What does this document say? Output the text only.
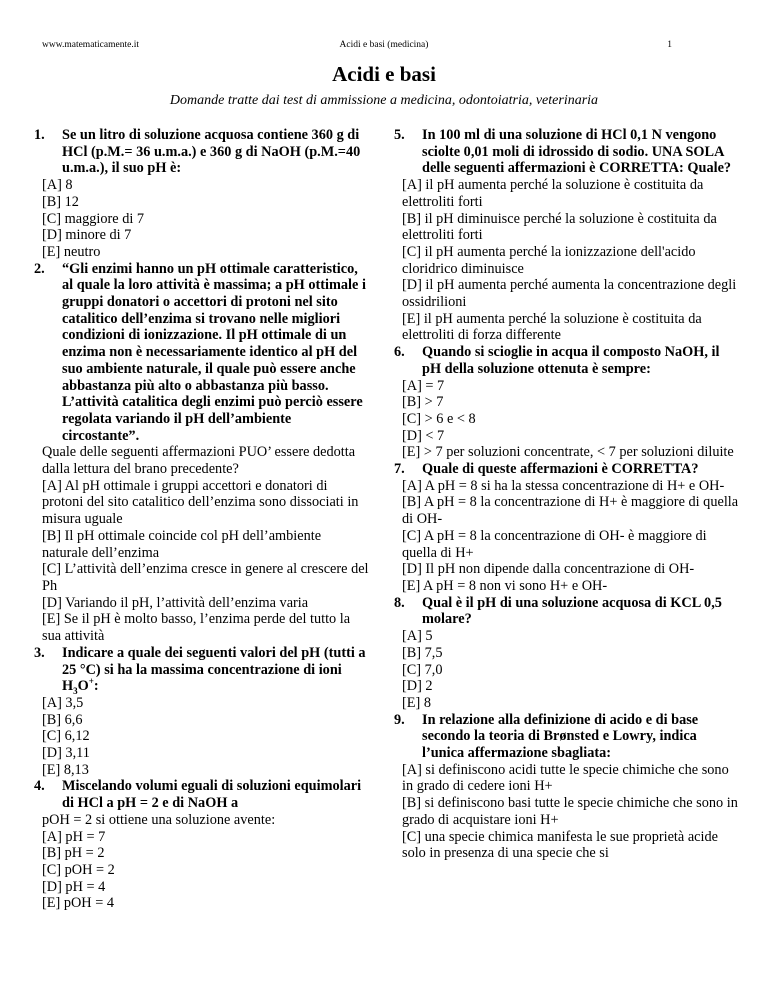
www.matematicamente.it	Acidi e basi (medicina)	1
Acidi e basi
Domande tratte dai test di ammissione a medicina, odontoiatria, veterinaria
1.	Se un litro di soluzione acquosa contiene 360 g di HCl (p.M.= 36 u.m.a.) e 360 g di NaOH (p.M.=40 u.m.a.), il suo pH è:
[A] 8
[B] 12
[C] maggiore di 7
[D] minore di 7
[E] neutro
2.	“Gli enzimi hanno un pH ottimale caratteristico, al quale la loro attività è massima; a pH ottimale i gruppi donatori o accettori di protoni nel sito catalitico dell’enzima si trovano nelle migliori condizioni di ionizzazione. Il pH ottimale di un enzima non è necessariamente identico al pH del suo ambiente naturale, il quale può essere anche abbastanza più alto o abbastanza più basso. L’attività catalitica degli enzimi può perciò essere regolata variando il pH dell’ambiente circostante”.
Quale delle seguenti affermazioni PUO’ essere dedotta dalla lettura del brano precedente?
[A] Al pH ottimale i gruppi accettori e donatori di protoni del sito catalitico dell’enzima sono dissociati in misura uguale
[B] Il pH ottimale coincide col pH dell’ambiente naturale dell’enzima
[C] L’attività dell’enzima cresce in genere al crescere del Ph
[D] Variando il pH, l’attività dell’enzima varia
[E] Se il pH è molto basso, l’enzima perde del tutto la sua attività
3.	Indicare a quale dei seguenti valori del pH (tutti a 25 °C) si ha la massima concentrazione di ioni $H_3O^+$:
[A] 3,5
[B] 6,6
[C] 6,12
[D] 3,11
[E] 8,13
4.	Miscelando volumi eguali di soluzioni equimolari di HCl a pH = 2 e di NaOH a
pOH = 2 si ottiene una soluzione avente:
[A] pH = 7
[B] pH = 2
[C] pOH = 2
[D] pH = 4
[E] pOH = 4
5.	In 100 ml di una soluzione di HCl 0,1 N vengono sciolte 0,01 moli di idrossido di sodio. UNA SOLA delle seguenti affermazioni è CORRETTA: Quale?
[A] il pH aumenta perché la soluzione è costituita da elettroliti forti
[B] il pH diminuisce perché la soluzione è costituita da elettroliti forti
[C] il pH aumenta perché la ionizzazione dell'acido cloridrico diminuisce
[D] il pH aumenta perché aumenta la concentrazione degli ossidrilioni
[E] il pH aumenta perché la soluzione è costituita da elettroliti di forza differente
6.	Quando si scioglie in acqua il composto NaOH, il pH della soluzione ottenuta è sempre:
[A] = 7
[B] > 7
[C] > 6 e < 8
[D] < 7
[E] > 7 per soluzioni concentrate, < 7 per soluzioni diluite
7.	Quale di queste affermazioni è CORRETTA?
[A] A pH = 8 si ha la stessa concentrazione di H+ e OH-
[B] A pH = 8 la concentrazione di H+ è maggiore di quella di OH-
[C] A pH = 8 la concentrazione di OH- è maggiore di quella di H+
[D] Il pH non dipende dalla concentrazione di OH-
[E] A pH = 8 non vi sono H+ e OH-
8.	Qual è il pH di una soluzione acquosa di KCL 0,5 molare?
[A] 5
[B] 7,5
[C] 7,0
[D] 2
[E] 8
9.	In relazione alla definizione di acido e di base secondo la teoria di Brønsted e Lowry, indica l’unica affermazione sbagliata:
[A] si definiscono acidi tutte le specie chimiche che sono in grado di cedere ioni H+
[B] si definiscono basi tutte le specie chimiche che sono in grado di acquistare ioni H+
[C] una specie chimica manifesta le sue proprietà acide solo in presenza di una specie che si
